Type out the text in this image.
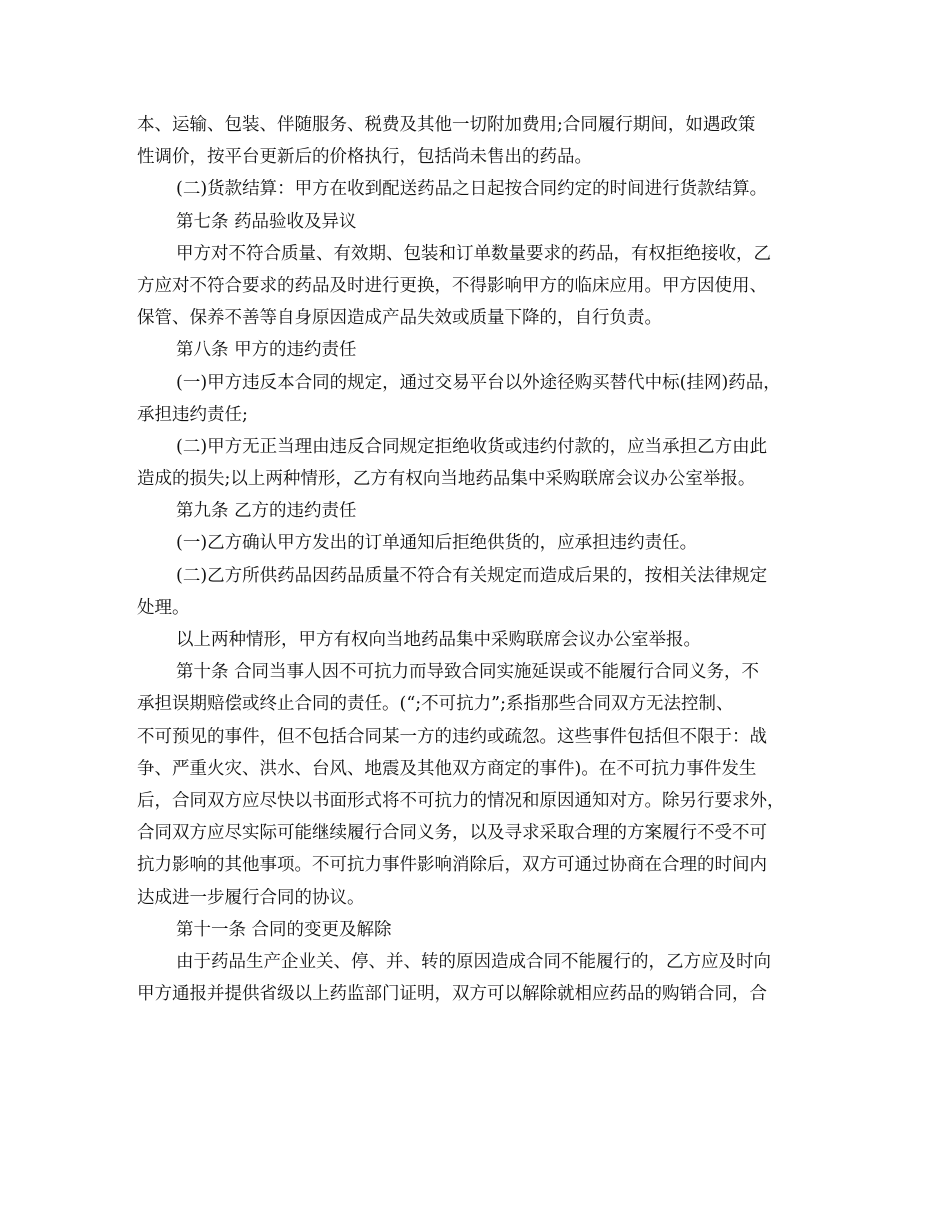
本、运输、包装、伴随服务、税费及其他一切附加费用;合同履行期间，如遇政策
性调价，按平台更新后的价格执行，包括尚未售出的药品。
(二)货款结算：甲方在收到配送药品之日起按合同约定的时间进行货款结算。
第七条 药品验收及异议
甲方对不符合质量、有效期、包装和订单数量要求的药品，有权拒绝接收，乙
方应对不符合要求的药品及时进行更换，不得影响甲方的临床应用。甲方因使用、
保管、保养不善等自身原因造成产品失效或质量下降的，自行负责。
第八条 甲方的违约责任
(一)甲方违反本合同的规定，通过交易平台以外途径购买替代中标(挂网)药品，
承担违约责任;
(二)甲方无正当理由违反合同规定拒绝收货或违约付款的，应当承担乙方由此
造成的损失;以上两种情形，乙方有权向当地药品集中采购联席会议办公室举报。
第九条 乙方的违约责任
(一)乙方确认甲方发出的订单通知后拒绝供货的，应承担违约责任。
(二)乙方所供药品因药品质量不符合有关规定而造成后果的，按相关法律规定
处理。
以上两种情形，甲方有权向当地药品集中采购联席会议办公室举报。
第十条 合同当事人因不可抗力而导致合同实施延误或不能履行合同义务，不
承担误期赔偿或终止合同的责任。(“;不可抗力”;系指那些合同双方无法控制、
不可预见的事件，但不包括合同某一方的违约或疏忽。这些事件包括但不限于：战
争、严重火灾、洪水、台风、地震及其他双方商定的事件)。在不可抗力事件发生
后，合同双方应尽快以书面形式将不可抗力的情况和原因通知对方。除另行要求外，
合同双方应尽实际可能继续履行合同义务，以及寻求采取合理的方案履行不受不可
抗力影响的其他事项。不可抗力事件影响消除后，双方可通过协商在合理的时间内
达成进一步履行合同的协议。
第十一条 合同的变更及解除
由于药品生产企业关、停、并、转的原因造成合同不能履行的，乙方应及时向
甲方通报并提供省级以上药监部门证明，双方可以解除就相应药品的购销合同，合
